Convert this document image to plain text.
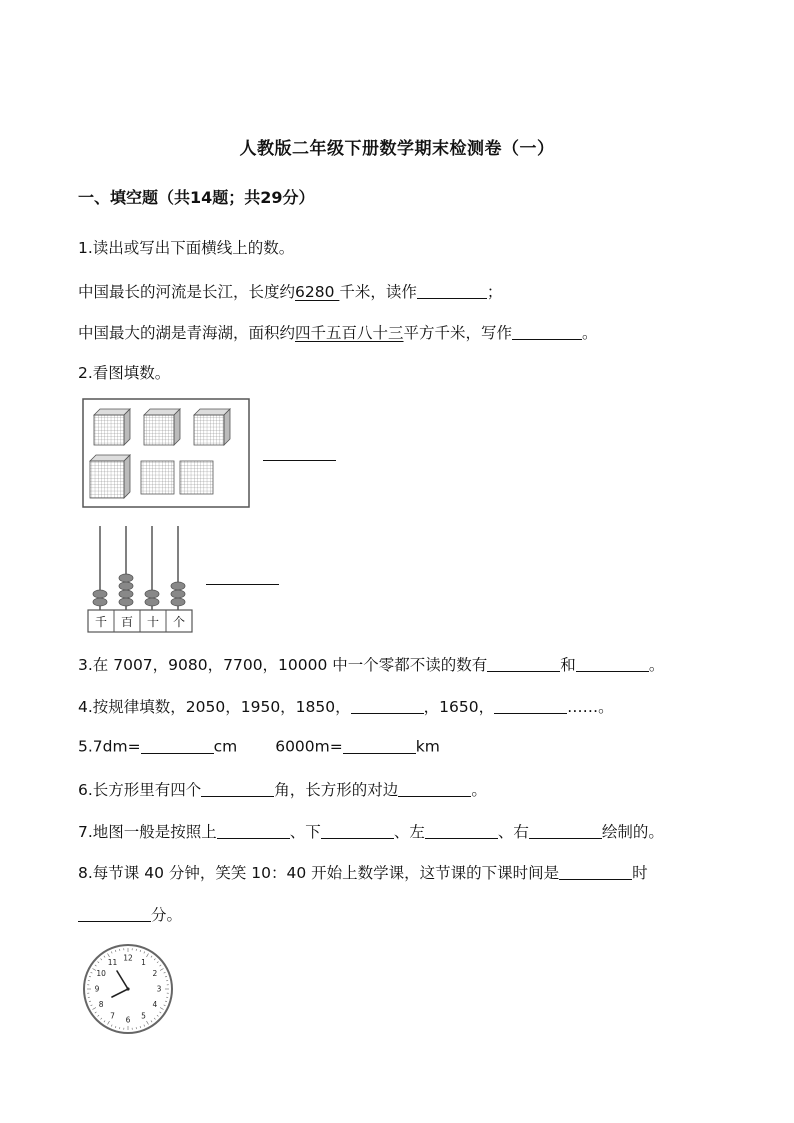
人教版二年级下册数学期末检测卷（一）
一、填空题（共14题；共29分）
1.读出或写出下面横线上的数。
中国最长的河流是长江，长度约6280 千米，读作	；
中国最大的湖是青海湖，面积约四千五百八十三平方千米，写作	。
2.看图填数。
千 百 十 个
3.在 7007，9080，7700，10000 中一个零都不读的数有	和	。
4.按规律填数，2050，1950，1850，	，1650，	……。
5.7dm=	cm 6000m=	km
6.长方形里有四个	角，长方形的对边	。
7.地图一般是按照上	、下	、左	、右	绘制的。
8.每节课 40 分钟，笑笑 10：40 开始上数学课，这节课的下课时间是	时
分。
12 1
2
3
4
5
6
7
8
9
10
11
